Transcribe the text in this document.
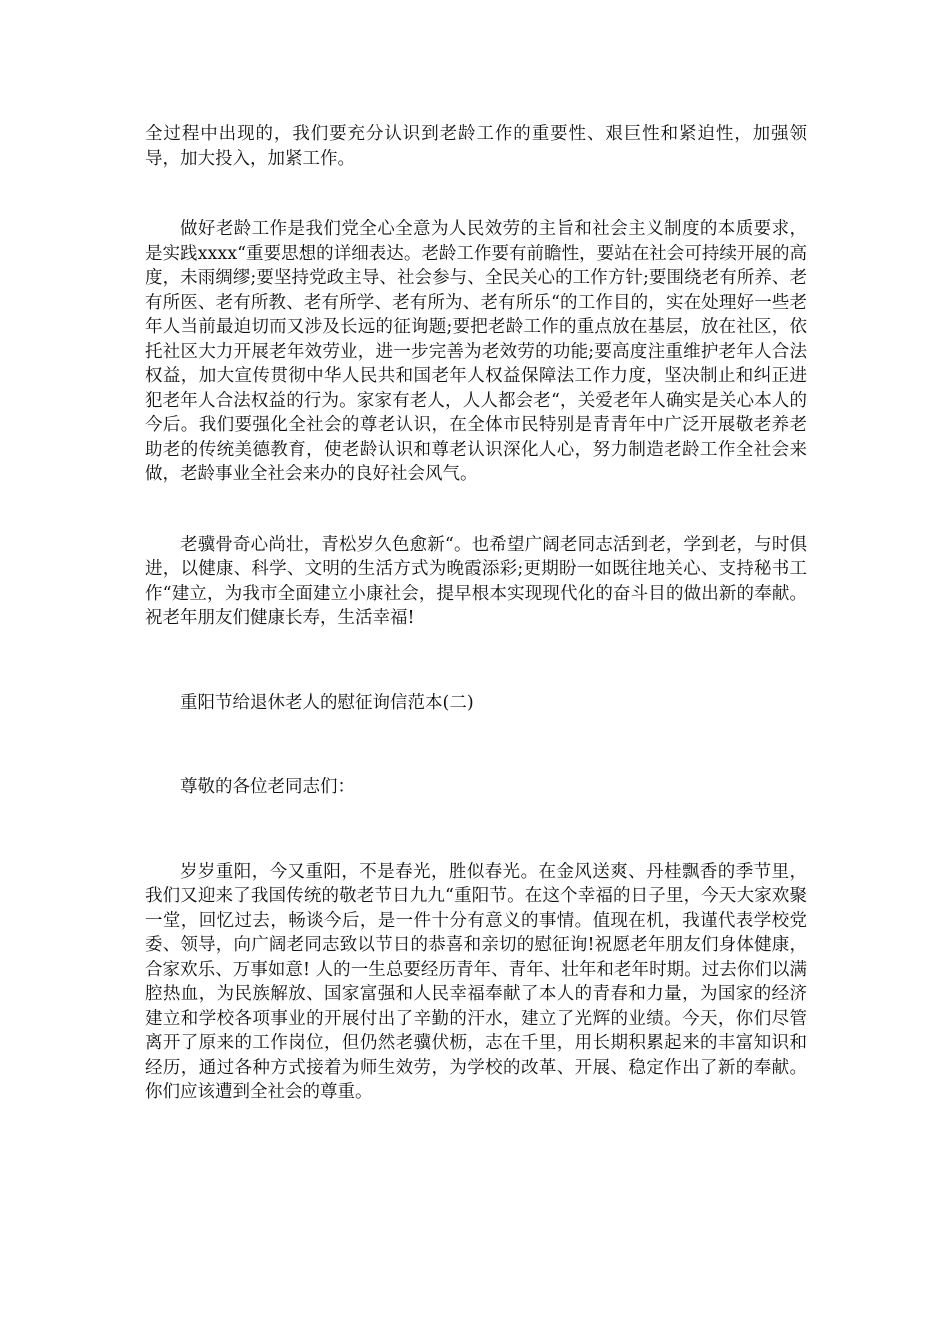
全过程中出现的，我们要充分认识到老龄工作的重要性、艰巨性和紧迫性，加强领导，加大投入，加紧工作。

做好老龄工作是我们党全心全意为人民效劳的主旨和社会主义制度的本质要求，是实践xxxx“重要思想的详细表达。老龄工作要有前瞻性，要站在社会可持续开展的高度，未雨绸缪;要坚持党政主导、社会参与、全民关心的工作方针;要围绕老有所养、老有所医、老有所教、老有所学、老有所为、老有所乐“的工作目的，实在处理好一些老年人当前最迫切而又涉及长远的征询题;要把老龄工作的重点放在基层，放在社区，依托社区大力开展老年效劳业，进一步完善为老效劳的功能;要高度注重维护老年人合法权益，加大宣传贯彻中华人民共和国老年人权益保障法工作力度，坚决制止和纠正进犯老年人合法权益的行为。家家有老人，人人都会老“，关爱老年人确实是关心本人的今后。我们要强化全社会的尊老认识，在全体市民特别是青青年中广泛开展敬老养老助老的传统美德教育，使老龄认识和尊老认识深化人心，努力制造老龄工作全社会来做，老龄事业全社会来办的良好社会风气。

老骥骨奇心尚壮，青松岁久色愈新“。也希望广阔老同志活到老，学到老，与时俱进，以健康、科学、文明的生活方式为晚霞添彩;更期盼一如既往地关心、支持秘书工作“建立，为我市全面建立小康社会，提早根本实现现代化的奋斗目的做出新的奉献。祝老年朋友们健康长寿，生活幸福!

重阳节给退休老人的慰征询信范本(二)

尊敬的各位老同志们：

岁岁重阳，今又重阳，不是春光，胜似春光。在金风送爽、丹桂飘香的季节里，我们又迎来了我国传统的敬老节日九九“重阳节。在这个幸福的日子里，今天大家欢聚一堂，回忆过去，畅谈今后，是一件十分有意义的事情。值现在机，我谨代表学校党委、领导，向广阔老同志致以节日的恭喜和亲切的慰征询!祝愿老年朋友们身体健康，合家欢乐、万事如意! 人的一生总要经历青年、青年、壮年和老年时期。过去你们以满腔热血，为民族解放、国家富强和人民幸福奉献了本人的青春和力量，为国家的经济建立和学校各项事业的开展付出了辛勤的汗水，建立了光辉的业绩。今天，你们尽管离开了原来的工作岗位，但仍然老骥伏枥，志在千里，用长期积累起来的丰富知识和经历，通过各种方式接着为师生效劳，为学校的改革、开展、稳定作出了新的奉献。你们应该遭到全社会的尊重。
